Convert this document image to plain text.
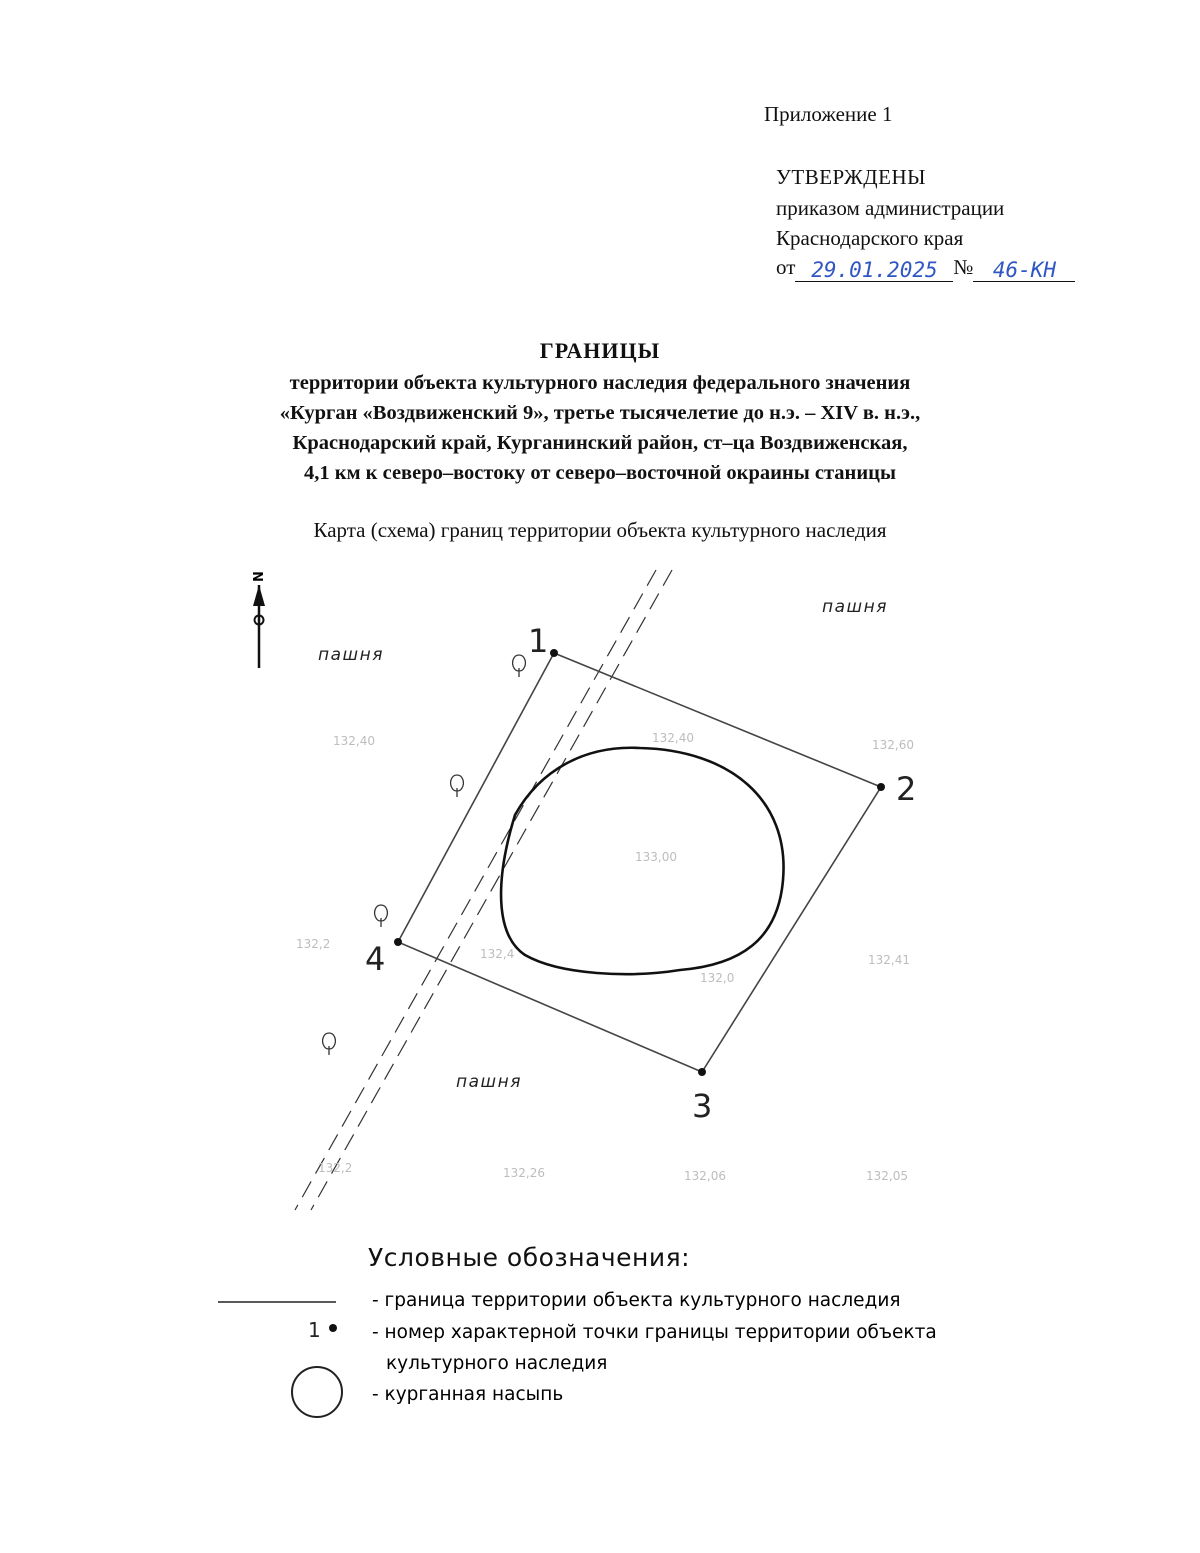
Приложение 1
УТВЕРЖДЕНЫ
приказом администрации
Краснодарского края
от 29.01.2025 № 46-КН
ГРАНИЦЫ
территории объекта культурного наследия федерального значения
«Курган «Воздвиженский 9», третье тысячелетие до н.э. – XIV в. н.э.,
Краснодарский край, Курганинский район, ст–ца Воздвиженская,
4,1 км к северо–востоку от северо–восточной окраины станицы
Карта (схема) границ территории объекта культурного наследия
N
1
2
3
4
пашня
пашня
пашня
132,40	132,40	132,60
133,00
132,4	132,41
132,0
132,2
132,26	132,06	132,05
132,2
1
- граница территории объекта культурного наследия
- номер характерной точки границы территории объекта
культурного наследия
- курганная насыпь
Условные обозначения:
